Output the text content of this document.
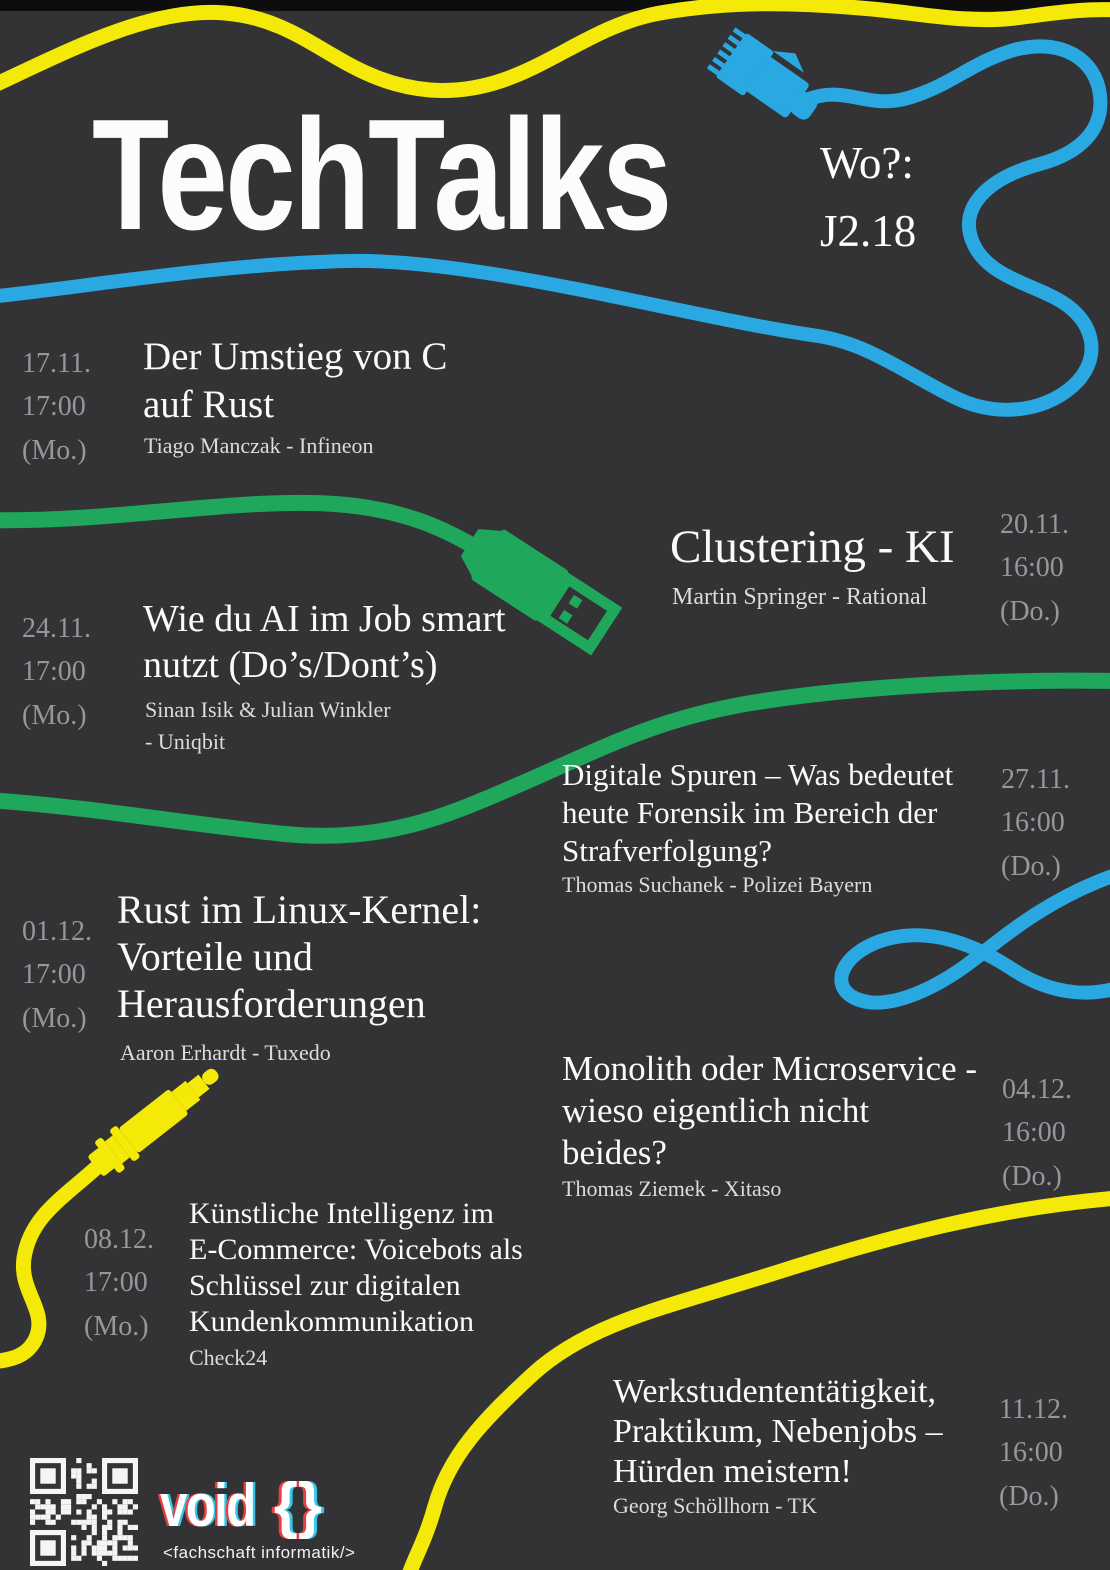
TechTalks	Wo?:
J2.18
17.11.
17:00
(Mo.)
Der Umstieg von C
auf Rust
Tiago Manczak - Infineon
Clustering - KI
Martin Springer - Rational
20.11.
16:00
(Do.)
24.11.
17:00
(Mo.)
Wie du AI im Job smart
nutzt (Do’s/Dont’s)
Sinan Isik & Julian Winkler
- Uniqbit
Digitale Spuren – Was bedeutet
heute Forensik im Bereich der
Strafverfolgung?
Thomas Suchanek - Polizei Bayern
27.11.
16:00
(Do.)
01.12.
17:00
(Mo.)
Rust im Linux-Kernel:
Vorteile und
Herausforderungen
Aaron Erhardt - Tuxedo	Monolith oder Microservice -
wieso eigentlich nicht
beides?
Thomas Ziemek - Xitaso
04.12.
16:00
(Do.)
08.12.
17:00
(Mo.)
Künstliche Intelligenz im
E-Commerce: Voicebots als
Schlüssel zur digitalen
Kundenkommunikation
Check24
Werkstudententätigkeit,
Praktikum, Nebenjobs –
Hürden meistern!
Georg Schöllhorn - TK
11.12.
16:00
(Do.)
void {}
<fachschaft informatik/>
